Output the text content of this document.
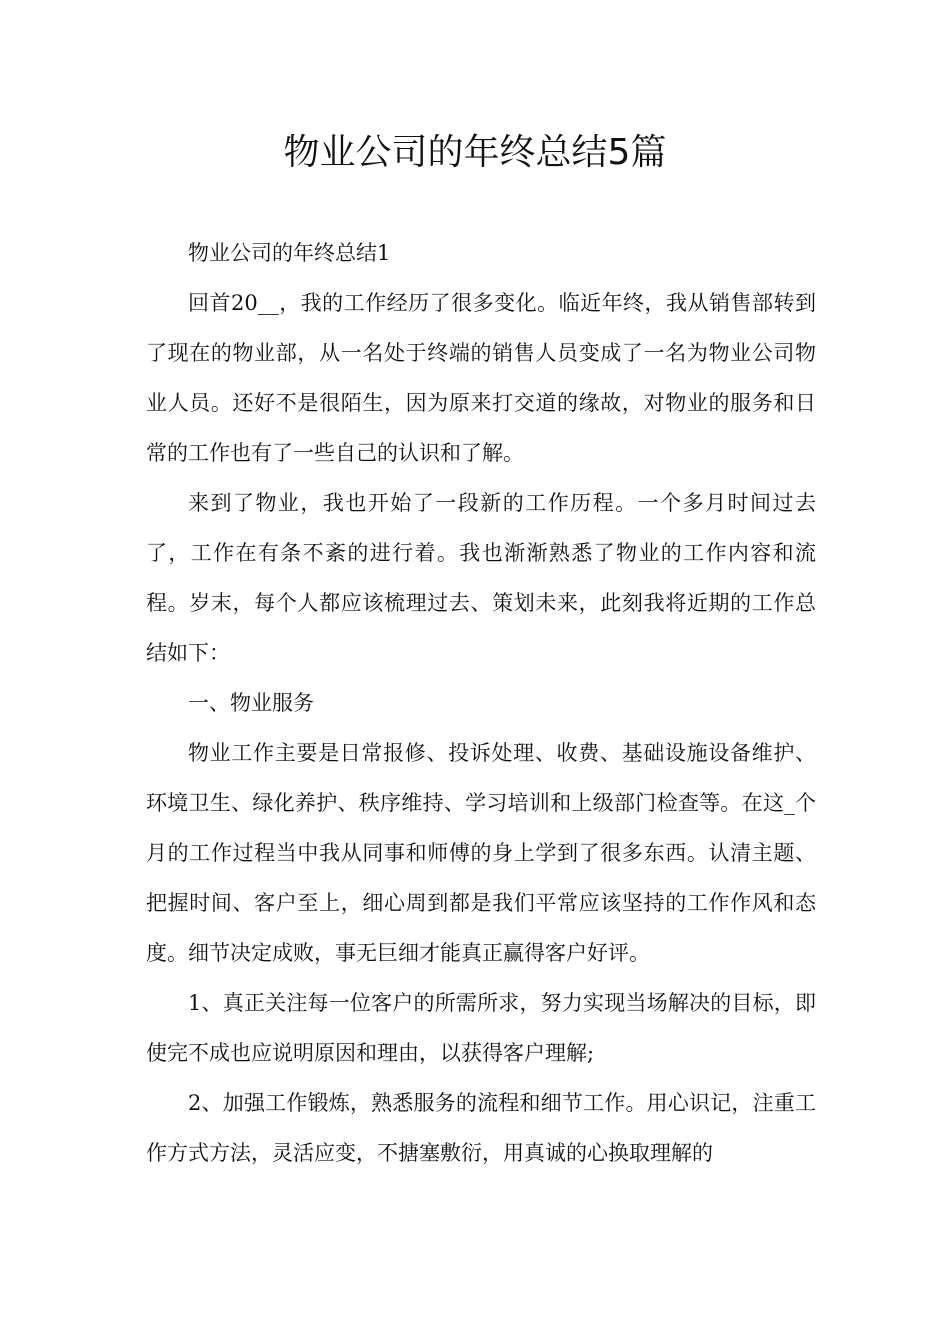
物业公司的年终总结5篇

物业公司的年终总结1

回首20__，我的工作经历了很多变化。临近年终，我从销售部转到了现在的物业部，从一名处于终端的销售人员变成了一名为物业公司物业人员。还好不是很陌生，因为原来打交道的缘故，对物业的服务和日常的工作也有了一些自己的认识和了解。

来到了物业，我也开始了一段新的工作历程。一个多月时间过去了，工作在有条不紊的进行着。我也渐渐熟悉了物业的工作内容和流程。岁末，每个人都应该梳理过去、策划未来，此刻我将近期的工作总结如下：

一、物业服务

物业工作主要是日常报修、投诉处理、收费、基础设施设备维护、环境卫生、绿化养护、秩序维持、学习培训和上级部门检查等。在这_个月的工作过程当中我从同事和师傅的身上学到了很多东西。认清主题、把握时间、客户至上，细心周到都是我们平常应该坚持的工作作风和态度。细节决定成败，事无巨细才能真正赢得客户好评。

1、真正关注每一位客户的所需所求，努力实现当场解决的目标，即使完不成也应说明原因和理由，以获得客户理解;

2、加强工作锻炼，熟悉服务的流程和细节工作。用心识记，注重工作方式方法，灵活应变，不搪塞敷衍，用真诚的心换取理解的
